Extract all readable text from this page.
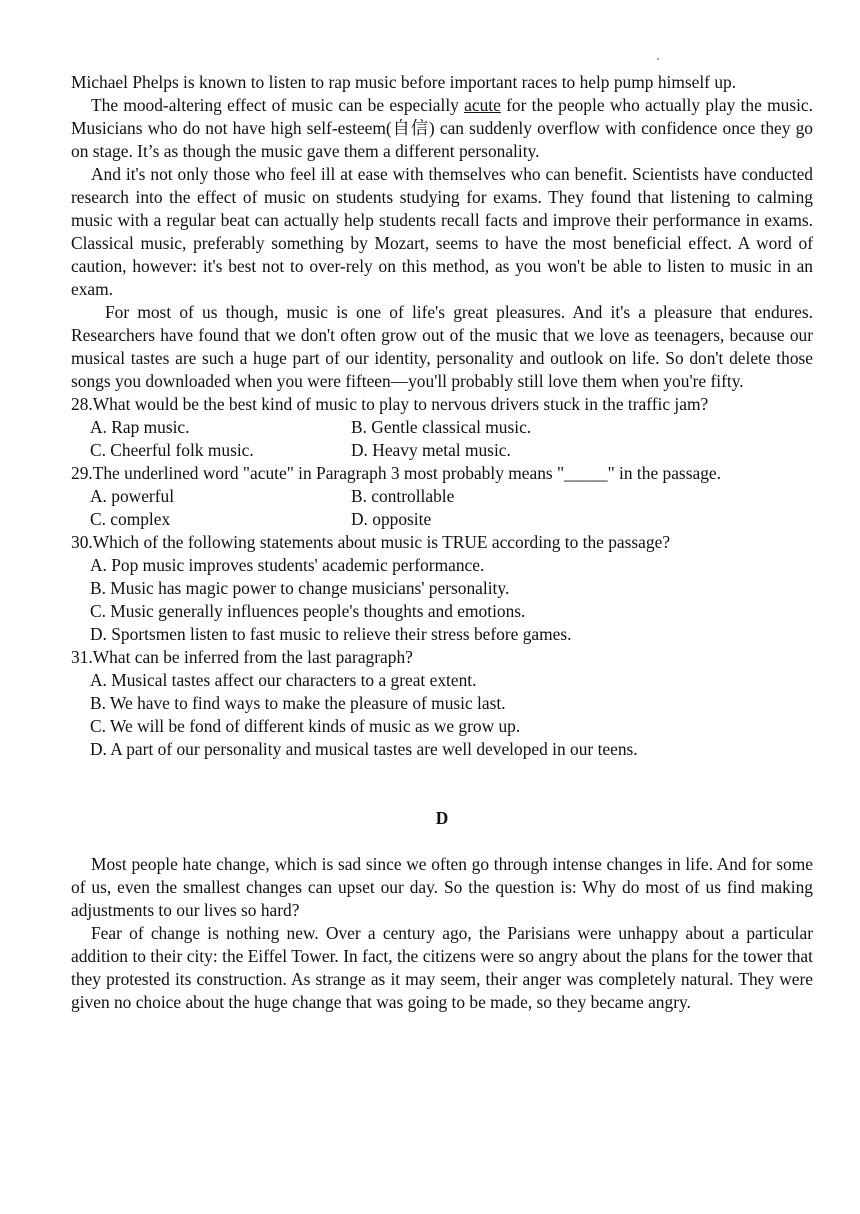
Michael Phelps is known to listen to rap music before important races to help pump himself up.

The mood-altering effect of music can be especially acute for the people who actually play the music. Musicians who do not have high self-esteem(自信) can suddenly overflow with confidence once they go on stage. It’s as though the music gave them a different personality.

And it's not only those who feel ill at ease with themselves who can benefit. Scientists have conducted research into the effect of music on students studying for exams. They found that listening to calming music with a regular beat can actually help students recall facts and improve their performance in exams. Classical music, preferably something by Mozart, seems to have the most beneficial effect. A word of caution, however: it's best not to over-rely on this method, as you won't be able to listen to music in an exam.

For most of us though, music is one of life's great pleasures. And it's a pleasure that endures. Researchers have found that we don't often grow out of the music that we love as teenagers, because our musical tastes are such a huge part of our identity, personality and outlook on life. So don't delete those songs you downloaded when you were fifteen—you'll probably still love them when you're fifty.

28.What would be the best kind of music to play to nervous drivers stuck in the traffic jam?

A. Rap music.	B. Gentle classical music.
C. Cheerful folk music.	D. Heavy metal music.

29.The underlined word "acute" in Paragraph 3 most probably means "_____" in the passage.

A. powerful	B. controllable
C. complex	D. opposite

30.Which of the following statements about music is TRUE according to the passage?

A. Pop music improves students' academic performance.
B. Music has magic power to change musicians' personality.
C. Music generally influences people's thoughts and emotions.
D. Sportsmen listen to fast music to relieve their stress before games.

31.What can be inferred from the last paragraph?

A. Musical tastes affect our characters to a great extent.
B. We have to find ways to make the pleasure of music last.
C. We will be fond of different kinds of music as we grow up.
D. A part of our personality and musical tastes are well developed in our teens.
D

Most people hate change, which is sad since we often go through intense changes in life. And for some of us, even the smallest changes can upset our day. So the question is: Why do most of us find making adjustments to our lives so hard?

Fear of change is nothing new. Over a century ago, the Parisians were unhappy about a particular addition to their city: the Eiffel Tower. In fact, the citizens were so angry about the plans for the tower that they protested its construction. As strange as it may seem, their anger was completely natural. They were given no choice about the huge change that was going to be made, so they became angry.
